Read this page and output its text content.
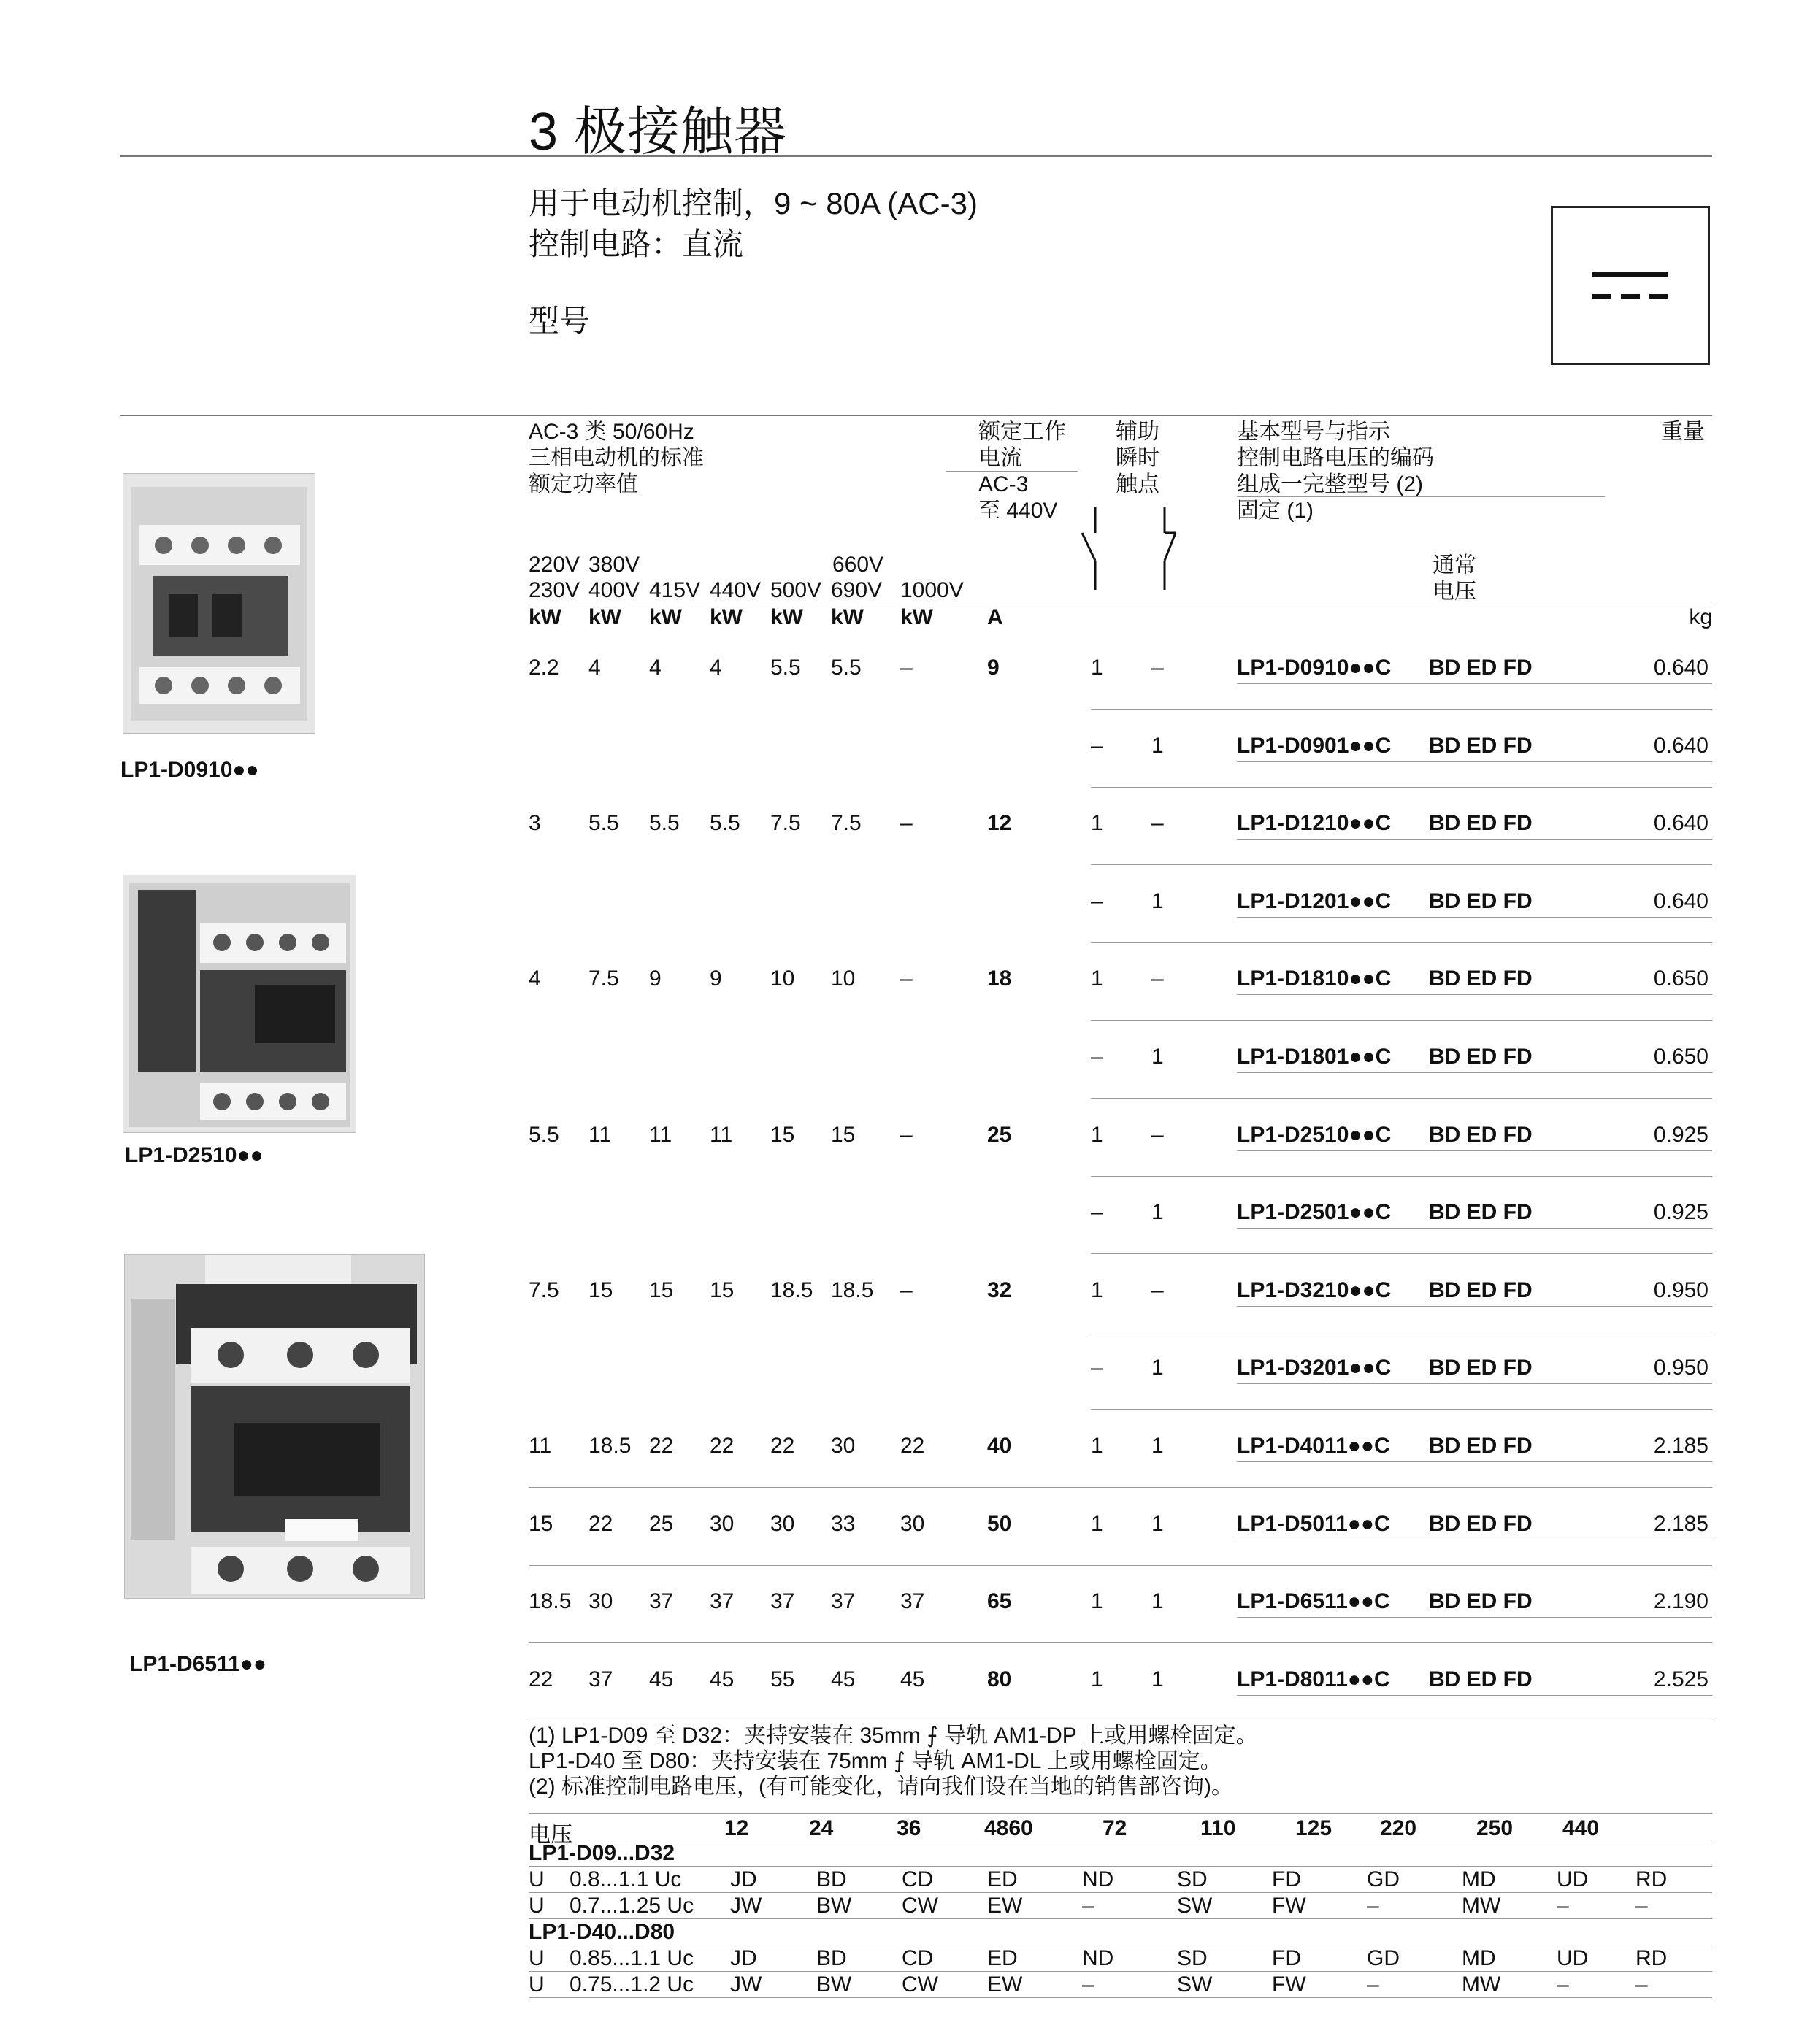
3 极接触器
用于电动机控制，9 ~ 80A (AC-3)
控制电路：直流
型号
AC-3 类 50/60Hz
三相电动机的标准
额定功率值
额定工作
电流
AC-3
至 440V
辅助
瞬时
触点
基本型号与指示
控制电路电压的编码
组成一完整型号 (2)
固定 (1)
重量
220V 380V	660V
230V 400V 415V 440V 500V 690V 1000V
通常
电压
kW kW kW kW kW kW kW A	kg
LP1-D0910●●
LP1-D2510●●
LP1-D6511●●
2.2 4 4 4 5.5 5.5 –	9	1 –	LP1-D0910●●C BD ED FD	0.640
– 1	LP1-D0901●●C BD ED FD	0.640
3 5.5 5.5 5.5 7.5 7.5 –	12	1 –	LP1-D1210●●C BD ED FD	0.640
– 1	LP1-D1201●●C BD ED FD	0.640
4 7.5 9 9 10 10 –	18	1 –	LP1-D1810●●C BD ED FD	0.650
– 1	LP1-D1801●●C BD ED FD	0.650
5.5 11 11 11 15 15 –	25	1 –	LP1-D2510●●C BD ED FD	0.925
– 1	LP1-D2501●●C BD ED FD	0.925
7.5 15 15 15 18.5 18.5 –	32	1 –	LP1-D3210●●C BD ED FD	0.950
– 1	LP1-D3201●●C BD ED FD	0.950
11 18.5 22 22 22 30 22	40	1 1	LP1-D4011●●C BD ED FD	2.185
15 22 25 30 30 33 30	50	1 1	LP1-D5011●●C BD ED FD	2.185
18.5 30 37 37 37 37 37	65	1 1	LP1-D6511●●C BD ED FD	2.190
22 37 45 45 55 45 45	80	1 1	LP1-D8011●●C BD ED FD	2.525
(1) LP1-D09 至 D32：夹持安装在 35mm ⨍ 导轨 AM1-DP 上或用螺栓固定。
LP1-D40 至 D80：夹持安装在 75mm ⨍ 导轨 AM1-DL 上或用螺栓固定。
(2) 标准控制电路电压，(有可能变化，请向我们设在当地的销售部咨询)。
电压	12	24	36	4860	72	110	125 220	250 440
LP1-D09...D32
U 0.8...1.1 Uc JD	BD	CD ED	ND	SD	FD	GD	MD	UD RD
U 0.7...1.25 Uc JW BW CW EW	–	SW	FW	–	MW	–	–
LP1-D40...D80
U 0.85...1.1 Uc JD	BD	CD ED	ND	SD	FD	GD	MD	UD RD
U 0.75...1.2 Uc JW BW CW EW	–	SW	FW	–	MW	–	–
